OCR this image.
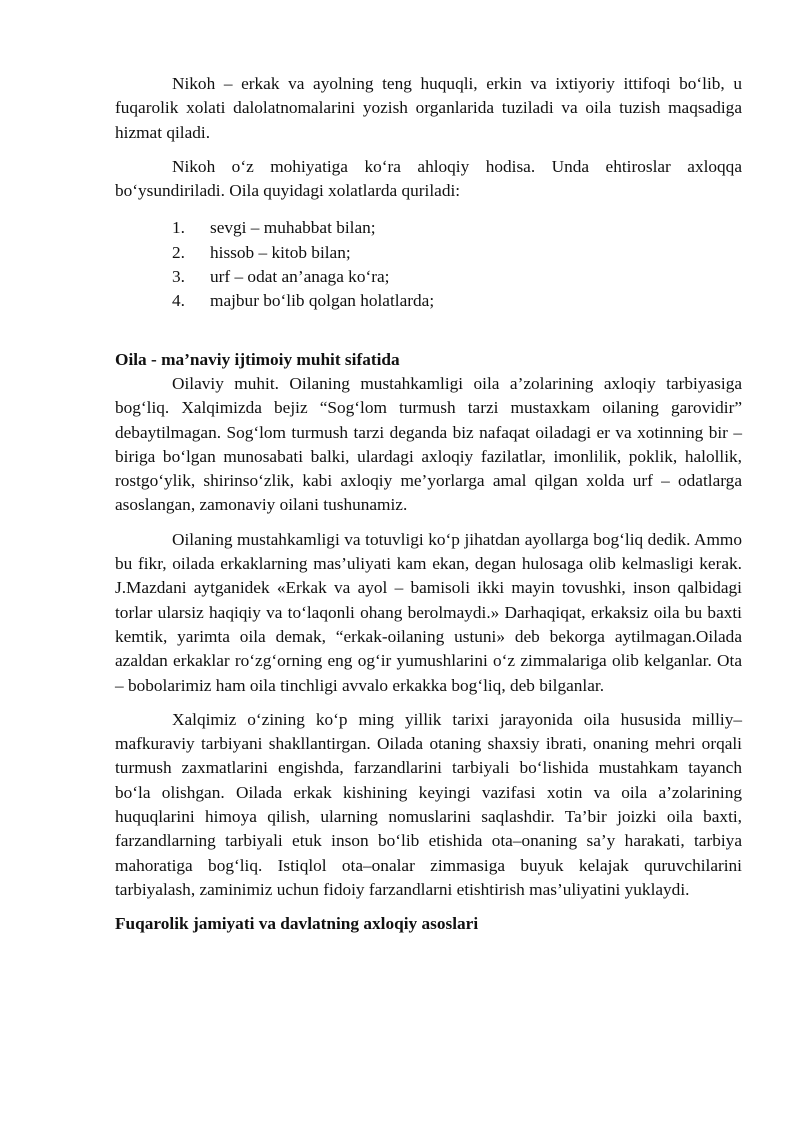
Nikoh – erkak va ayolning teng huquqli, erkin va ixtiyoriy ittifoqi bo‘lib, u fuqarolik xolati dalolatnomalarini yozish organlarida tuziladi va oila tuzish maqsadiga hizmat qiladi.

Nikoh o‘z mohiyatiga ko‘ra ahloqiy hodisa. Unda ehtiroslar axloqqa bo‘ysundiriladi. Oila quyidagi xolatlarda quriladi:

1.	sevgi – muhabbat bilan;
2.	hissob – kitob bilan;
3.	urf – odat an’anaga ko‘ra;
4.	majbur bo‘lib qolgan holatlarda;
Oila - ma’naviy ijtimoiy muhit sifatida

Oilaviy muhit. Oilaning mustahkamligi oila a’zolarining axloqiy tarbiyasiga bog‘liq. Xalqimizda bejiz “Sog‘lom turmush tarzi mustaxkam oilaning garovidir” debaytilmagan. Sog‘lom turmush tarzi deganda biz nafaqat oiladagi er va xotinning bir – biriga bo‘lgan munosabati balki, ulardagi axloqiy fazilatlar, imonlilik, poklik, halollik, rostgo‘ylik, shirinso‘zlik, kabi axloqiy me’yorlarga amal qilgan xolda urf – odatlarga asoslangan, zamonaviy oilani tushunamiz.

Oilaning mustahkamligi va totuvligi ko‘p jihatdan ayollarga bog‘liq dedik. Ammo bu fikr, oilada erkaklarning mas’uliyati kam ekan, degan hulosaga olib kelmasligi kerak. J.Mazdani aytganidek «Erkak va ayol – bamisoli ikki mayin tovushki, inson qalbidagi torlar ularsiz haqiqiy va to‘laqonli ohang berolmaydi.» Darhaqiqat, erkaksiz oila bu baxti kemtik, yarimta oila demak, “erkak-oilaning ustuni» deb bekorga aytilmagan.Oilada azaldan erkaklar ro‘zg‘orning eng og‘ir yumushlarini o‘z zimmalariga olib kelganlar. Ota – bobolarimiz ham oila tinchligi avvalo erkakka bog‘liq, deb bilganlar.

Xalqimiz o‘zining ko‘p ming yillik tarixi jarayonida oila hususida milliy–mafkuraviy tarbiyani shakllantirgan. Oilada otaning shaxsiy ibrati, onaning mehri orqali turmush zaxmatlarini engishda, farzandlarini tarbiyali bo‘lishida mustahkam tayanch bo‘la olishgan. Oilada erkak kishining keyingi vazifasi xotin va oila a’zolarining huquqlarini himoya qilish, ularning nomuslarini saqlashdir. Ta’bir joizki oila baxti, farzandlarning tarbiyali etuk inson bo‘lib etishida ota–onaning sa’y harakati, tarbiya mahoratiga bog‘liq. Istiqlol ota–onalar zimmasiga buyuk kelajak quruvchilarini tarbiyalash, zaminimiz uchun fidoiy farzandlarni etishtirish mas’uliyatini yuklaydi.

Fuqarolik jamiyati va davlatning axloqiy asoslari
